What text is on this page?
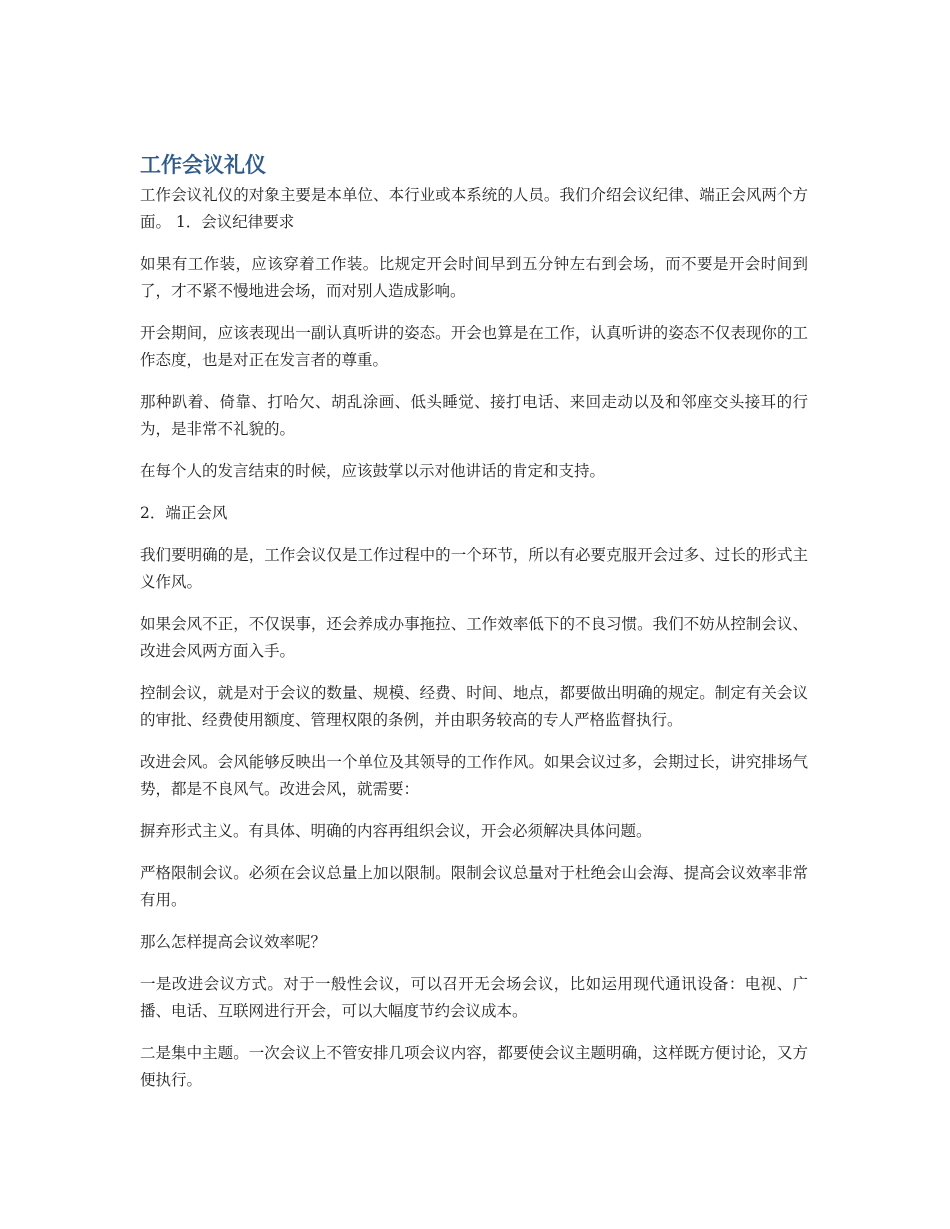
工作会议礼仪

工作会议礼仪的对象主要是本单位、本行业或本系统的人员。我们介绍会议纪律、端正会风两个方面。 1．会议纪律要求

如果有工作装，应该穿着工作装。比规定开会时间早到五分钟左右到会场，而不要是开会时间到了，才不紧不慢地进会场，而对别人造成影响。

开会期间，应该表现出一副认真听讲的姿态。开会也算是在工作，认真听讲的姿态不仅表现你的工作态度，也是对正在发言者的尊重。

那种趴着、倚靠、打哈欠、胡乱涂画、低头睡觉、接打电话、来回走动以及和邻座交头接耳的行为，是非常不礼貌的。

在每个人的发言结束的时候，应该鼓掌以示对他讲话的肯定和支持。

2．端正会风

我们要明确的是，工作会议仅是工作过程中的一个环节，所以有必要克服开会过多、过长的形式主义作风。

如果会风不正，不仅误事，还会养成办事拖拉、工作效率低下的不良习惯。我们不妨从控制会议、改进会风两方面入手。

控制会议，就是对于会议的数量、规模、经费、时间、地点，都要做出明确的规定。制定有关会议的审批、经费使用额度、管理权限的条例，并由职务较高的专人严格监督执行。

改进会风。会风能够反映出一个单位及其领导的工作作风。如果会议过多，会期过长，讲究排场气势，都是不良风气。改进会风，就需要：

摒弃形式主义。有具体、明确的内容再组织会议，开会必须解决具体问题。

严格限制会议。必须在会议总量上加以限制。限制会议总量对于杜绝会山会海、提高会议效率非常有用。

那么怎样提高会议效率呢？

一是改进会议方式。对于一般性会议，可以召开无会场会议，比如运用现代通讯设备：电视、广播、电话、互联网进行开会，可以大幅度节约会议成本。

二是集中主题。一次会议上不管安排几项会议内容，都要使会议主题明确，这样既方便讨论，又方便执行。
